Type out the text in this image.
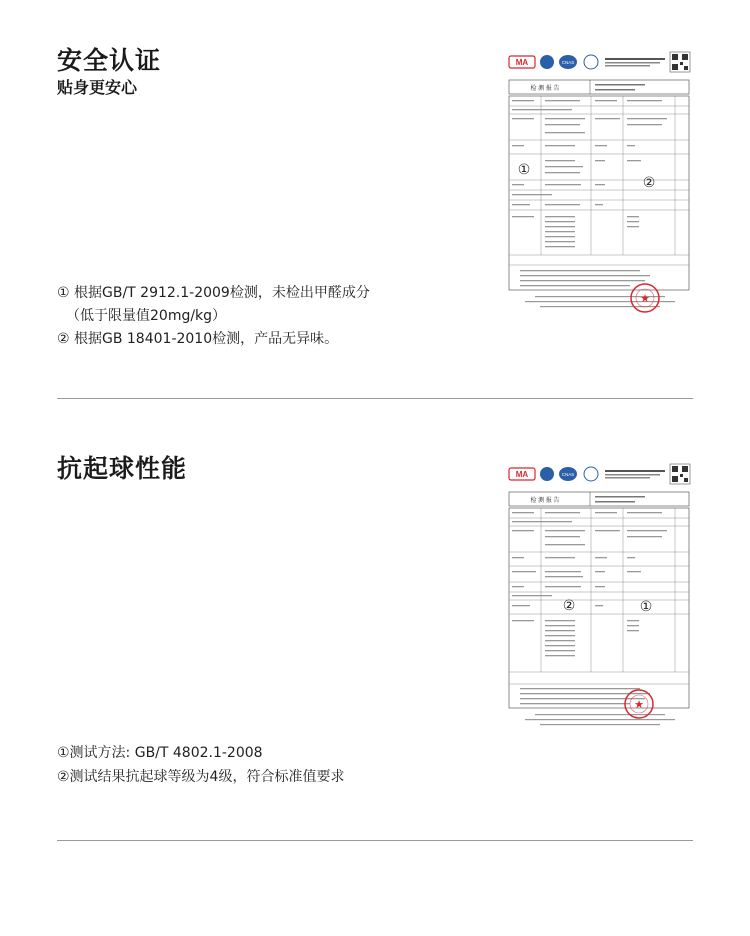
安全认证
贴身更安心
MA	CNAS
检 测 报 告
★
①
②

① 根据GB/T 2912.1-2009检测，未检出甲醛成分

（低于限量值20mg/kg）

② 根据GB 18401-2010检测，产品无异味。

抗起球性能	MA	CNAS
检 测 报 告
★
②	①

①测试方法: GB/T 4802.1-2008

②测试结果抗起球等级为4级，符合标准值要求
